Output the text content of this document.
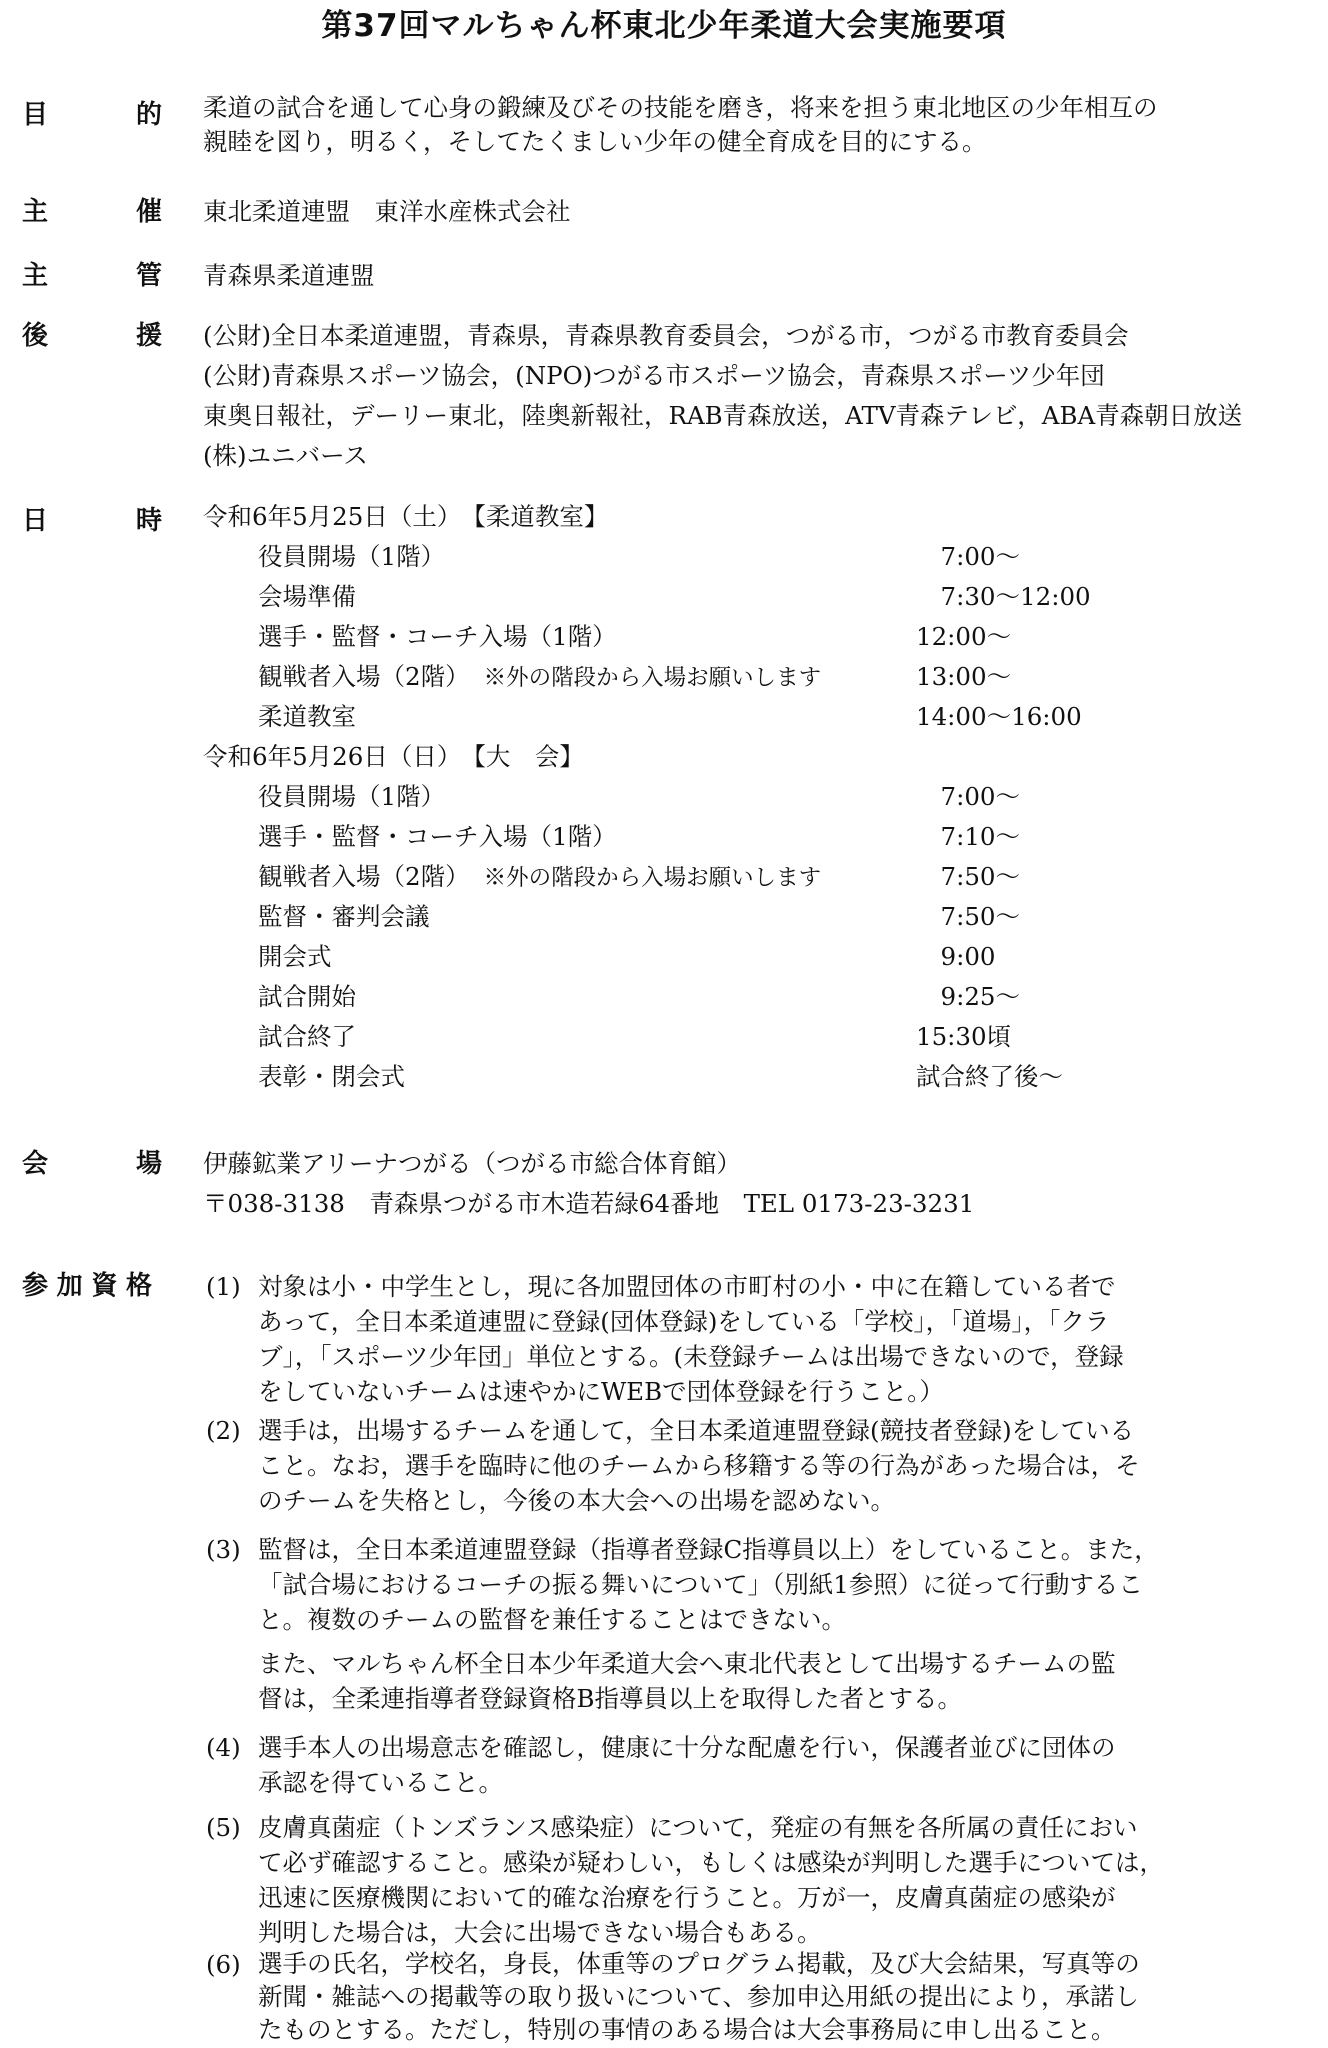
第37回マルちゃん杯東北少年柔道大会実施要項
目	的 柔道の試合を通して心身の鍛練及びその技能を磨き，将来を担う東北地区の少年相互の
親睦を図り，明るく，そしてたくましい少年の健全育成を目的にする。
主	催 東北柔道連盟　東洋水産株式会社
主	管 青森県柔道連盟
後	援 (公財)全日本柔道連盟，青森県，青森県教育委員会，つがる市，つがる市教育委員会
(公財)青森県スポーツ協会，(NPO)つがる市スポーツ協会，青森県スポーツ少年団
東奥日報社，デーリー東北，陸奥新報社，RAB青森放送，ATV青森テレビ，ABA青森朝日放送
(株)ユニバース
日	時 令和6年5月25日（土）　【柔道教室】
役員開場（1階）	　7:00～
会場準備	　7:30～12:00
選手・監督・コーチ入場（1階）	12:00～
観戦者入場（2階） ※外の階段から入場お願いします	13:00～
柔道教室	14:00～16:00
令和6年5月26日（日）　【大　会】
役員開場（1階）	　7:00～
選手・監督・コーチ入場（1階）	　7:10～
観戦者入場（2階） ※外の階段から入場お願いします	　7:50～
監督・審判会議	　7:50～
開会式	　9:00
試合開始	　9:25～
試合終了	15:30頃
表彰・閉会式	試合終了後～
会	場 伊藤鉱業アリーナつがる（つがる市総合体育館）
〒038-3138　青森県つがる市木造若緑64番地　TEL 0173-23-3231
参 加 資 格 (1) 対象は小・中学生とし，現に各加盟団体の市町村の小・中に在籍している者で
あって，全日本柔道連盟に登録(団体登録)をしている「学校」，「道場」，「クラ
ブ」，「スポーツ少年団」単位とする。(未登録チームは出場できないので，登録
をしていないチームは速やかにWEBで団体登録を行うこと。）
(2) 選手は，出場するチームを通して，全日本柔道連盟登録(競技者登録)をしている
こと。なお，選手を臨時に他のチームから移籍する等の行為があった場合は，そ
のチームを失格とし，今後の本大会への出場を認めない。
(3) 監督は，全日本柔道連盟登録（指導者登録C指導員以上）をしていること。また，
「試合場におけるコーチの振る舞いについて」（別紙1参照）に従って行動するこ
と。複数のチームの監督を兼任することはできない。
また、マルちゃん杯全日本少年柔道大会へ東北代表として出場するチームの監
督は，全柔連指導者登録資格B指導員以上を取得した者とする。
(4) 選手本人の出場意志を確認し，健康に十分な配慮を行い，保護者並びに団体の
承認を得ていること。
(5) 皮膚真菌症（トンズランス感染症）について，発症の有無を各所属の責任におい
て必ず確認すること。感染が疑わしい，もしくは感染が判明した選手については，
迅速に医療機関において的確な治療を行うこと。万が一，皮膚真菌症の感染が
判明した場合は，大会に出場できない場合もある。
(6) 選手の氏名，学校名，身長，体重等のプログラム掲載，及び大会結果，写真等の
新聞・雑誌への掲載等の取り扱いについて、参加申込用紙の提出により，承諾し
たものとする。ただし，特別の事情のある場合は大会事務局に申し出ること。
